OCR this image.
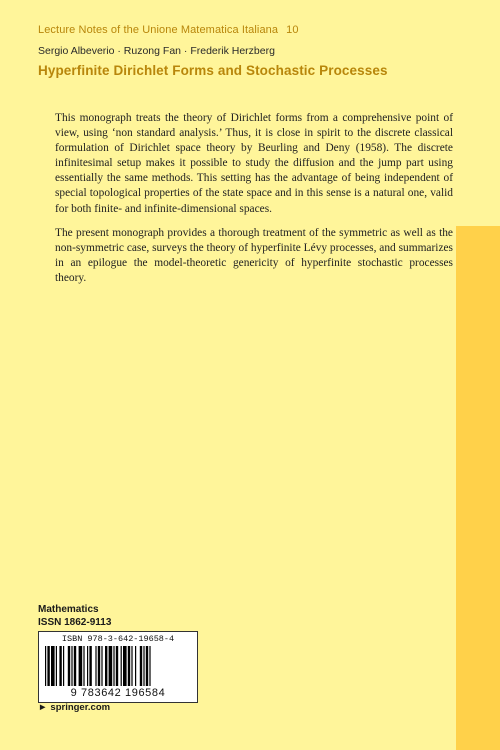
Lecture Notes of the Unione Matematica Italiana 10
Sergio Albeverio · Ruzong Fan · Frederik Herzberg
Hyperfinite Dirichlet Forms and Stochastic Processes

This monograph treats the theory of Dirichlet forms from a comprehensive point of view, using ‘non standard analysis.’ Thus, it is close in spirit to the discrete classical formulation of Dirichlet space theory by Beurling and Deny (1958). The discrete infinitesimal setup makes it possible to study the diffusion and the jump part using essentially the same methods. This setting has the advantage of being independent of special topological properties of the state space and in this sense is a natural one, valid for both finite- and infinite-dimensional spaces.

The present monograph provides a thorough treatment of the symmetric as well as the non-symmetric case, surveys the theory of hyperfinite Lévy processes, and summarizes in an epilogue the model-theoretic genericity of hyperfinite stochastic processes theory.

Mathematics
ISSN 1862-9113
ISBN 978-3-642-19658-4
9 783642 196584
► springer.com
